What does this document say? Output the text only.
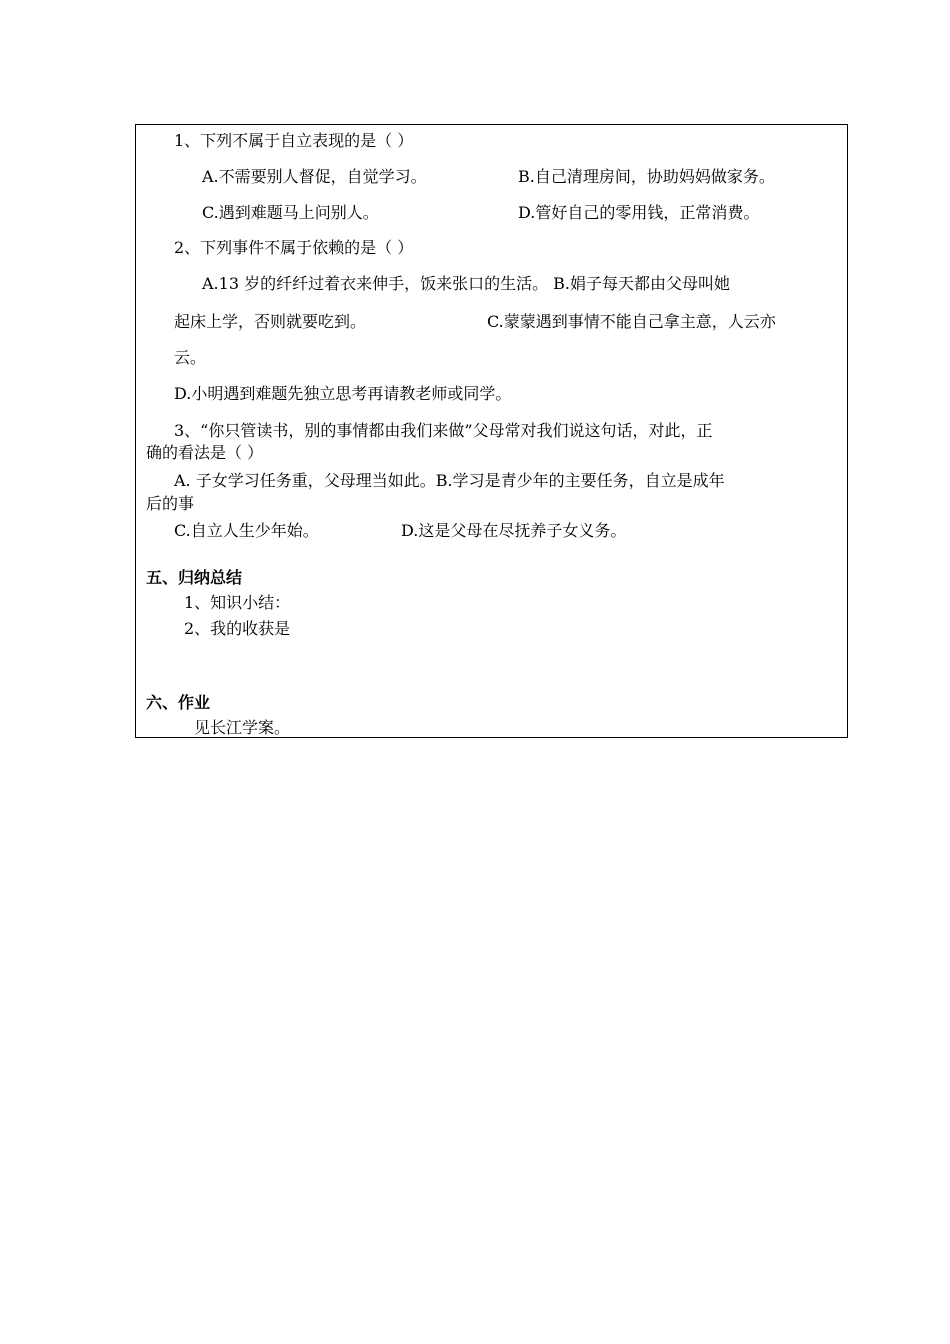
1、下列不属于自立表现的是（ ）

A.不需要别人督促，自觉学习。	B.自己清理房间，协助妈妈做家务。

C.遇到难题马上问别人。	D.管好自己的零用钱，正常消费。

2、下列事件不属于依赖的是（ ）

A.13 岁的纤纤过着衣来伸手，饭来张口的生活。 B.娟子每天都由父母叫她

起床上学，否则就要吃到。	C.蒙蒙遇到事情不能自己拿主意，人云亦

云。

D.小明遇到难题先独立思考再请教老师或同学。

3、“你只管读书，别的事情都由我们来做”父母常对我们说这句话，对此，正

确的看法是（ ）

A. 子女学习任务重，父母理当如此。B.学习是青少年的主要任务，自立是成年

后的事

C.自立人生少年始。	D.这是父母在尽抚养子女义务。

五、归纳总结

1、知识小结：

2、我的收获是

六、作业

见长江学案。
